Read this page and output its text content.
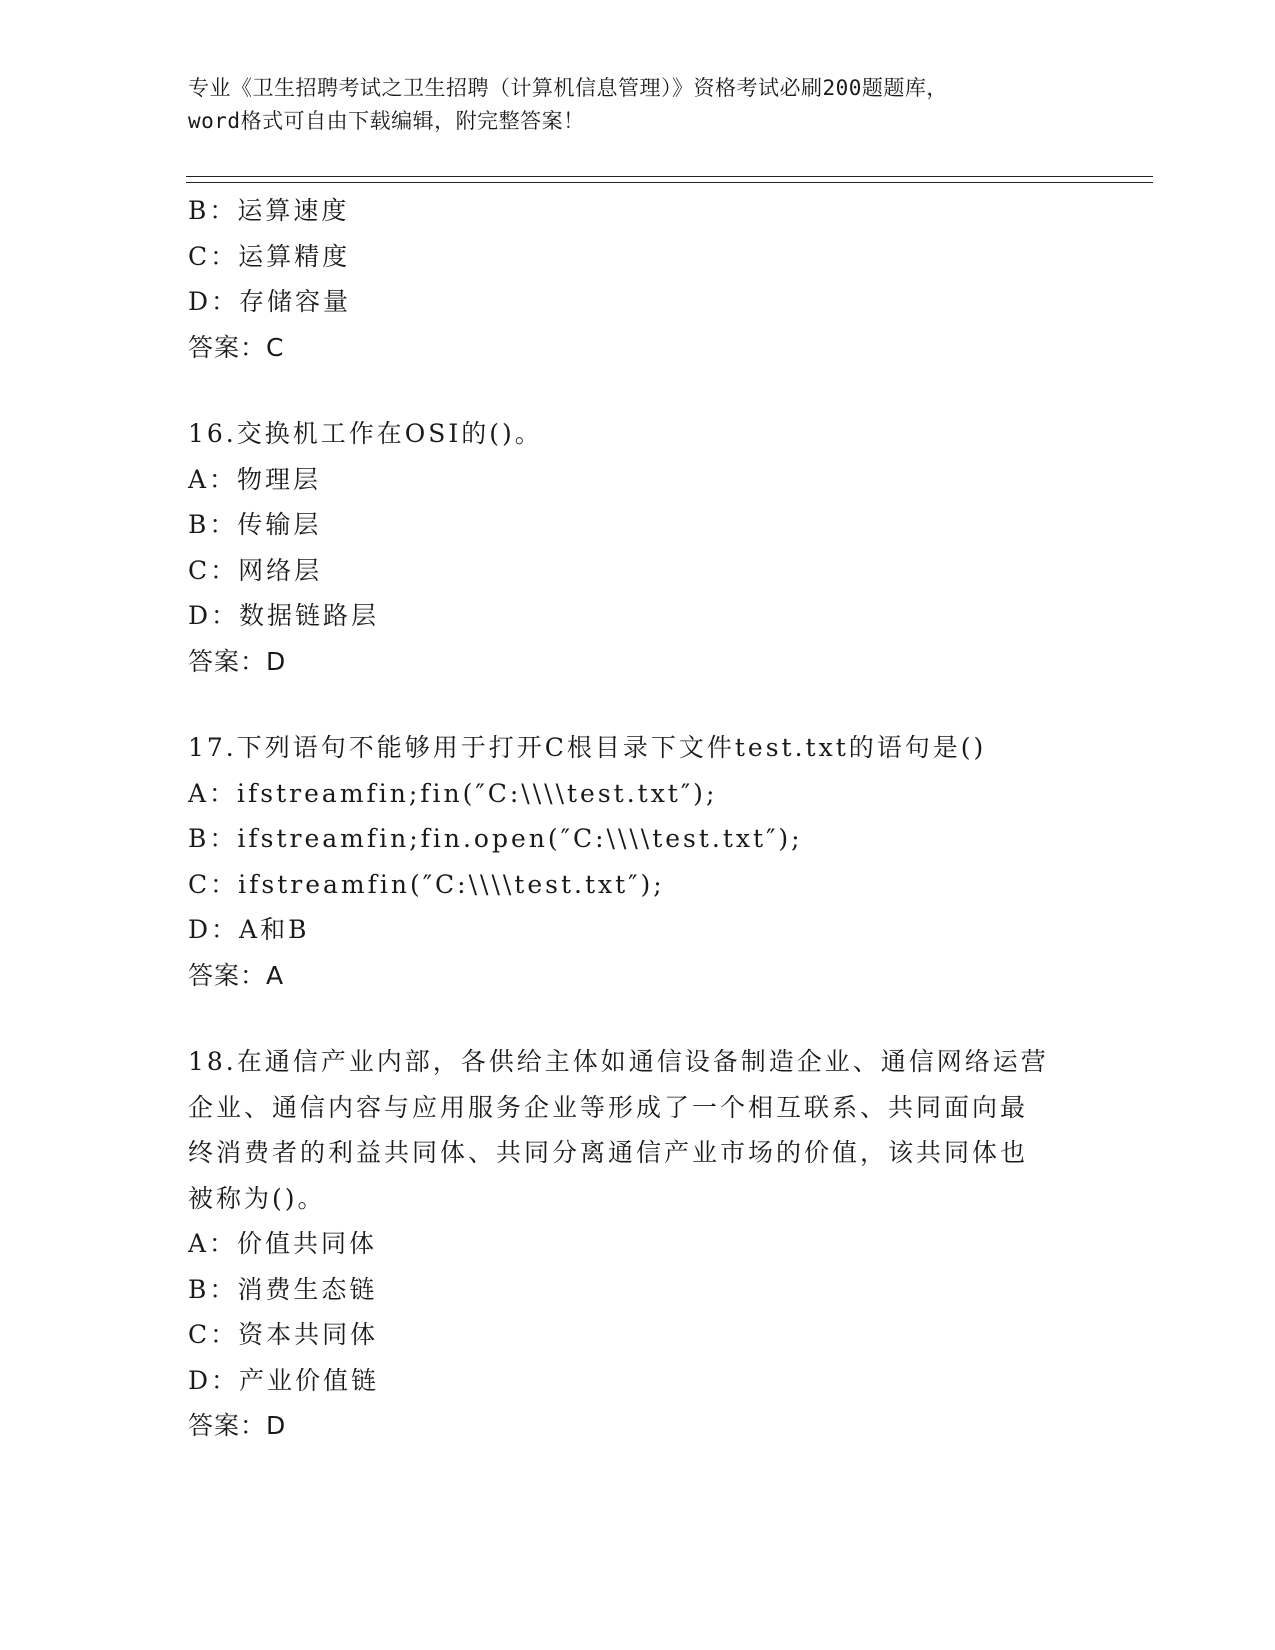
专业《卫生招聘考试之卫生招聘（计算机信息管理）》资格考试必刷200题题库，
word格式可自由下载编辑，附完整答案！
B：运算速度
C：运算精度
D：存储容量
答案：C
16.交换机工作在OSI的()。
A：物理层
B：传输层
C：网络层
D：数据链路层
答案：D
17.下列语句不能够用于打开C根目录下文件test.txt的语句是()
A：ifstreamfin;fin(″C:\\\\test.txt″);
B：ifstreamfin;fin.open(″C:\\\\test.txt″);
C：ifstreamfin(″C:\\\\test.txt″);
D：A和B
答案：A
18.在通信产业内部，各供给主体如通信设备制造企业、通信网络运营
企业、通信内容与应用服务企业等形成了一个相互联系、共同面向最
终消费者的利益共同体、共同分离通信产业市场的价值，该共同体也
被称为()。
A：价值共同体
B：消费生态链
C：资本共同体
D：产业价值链
答案：D
